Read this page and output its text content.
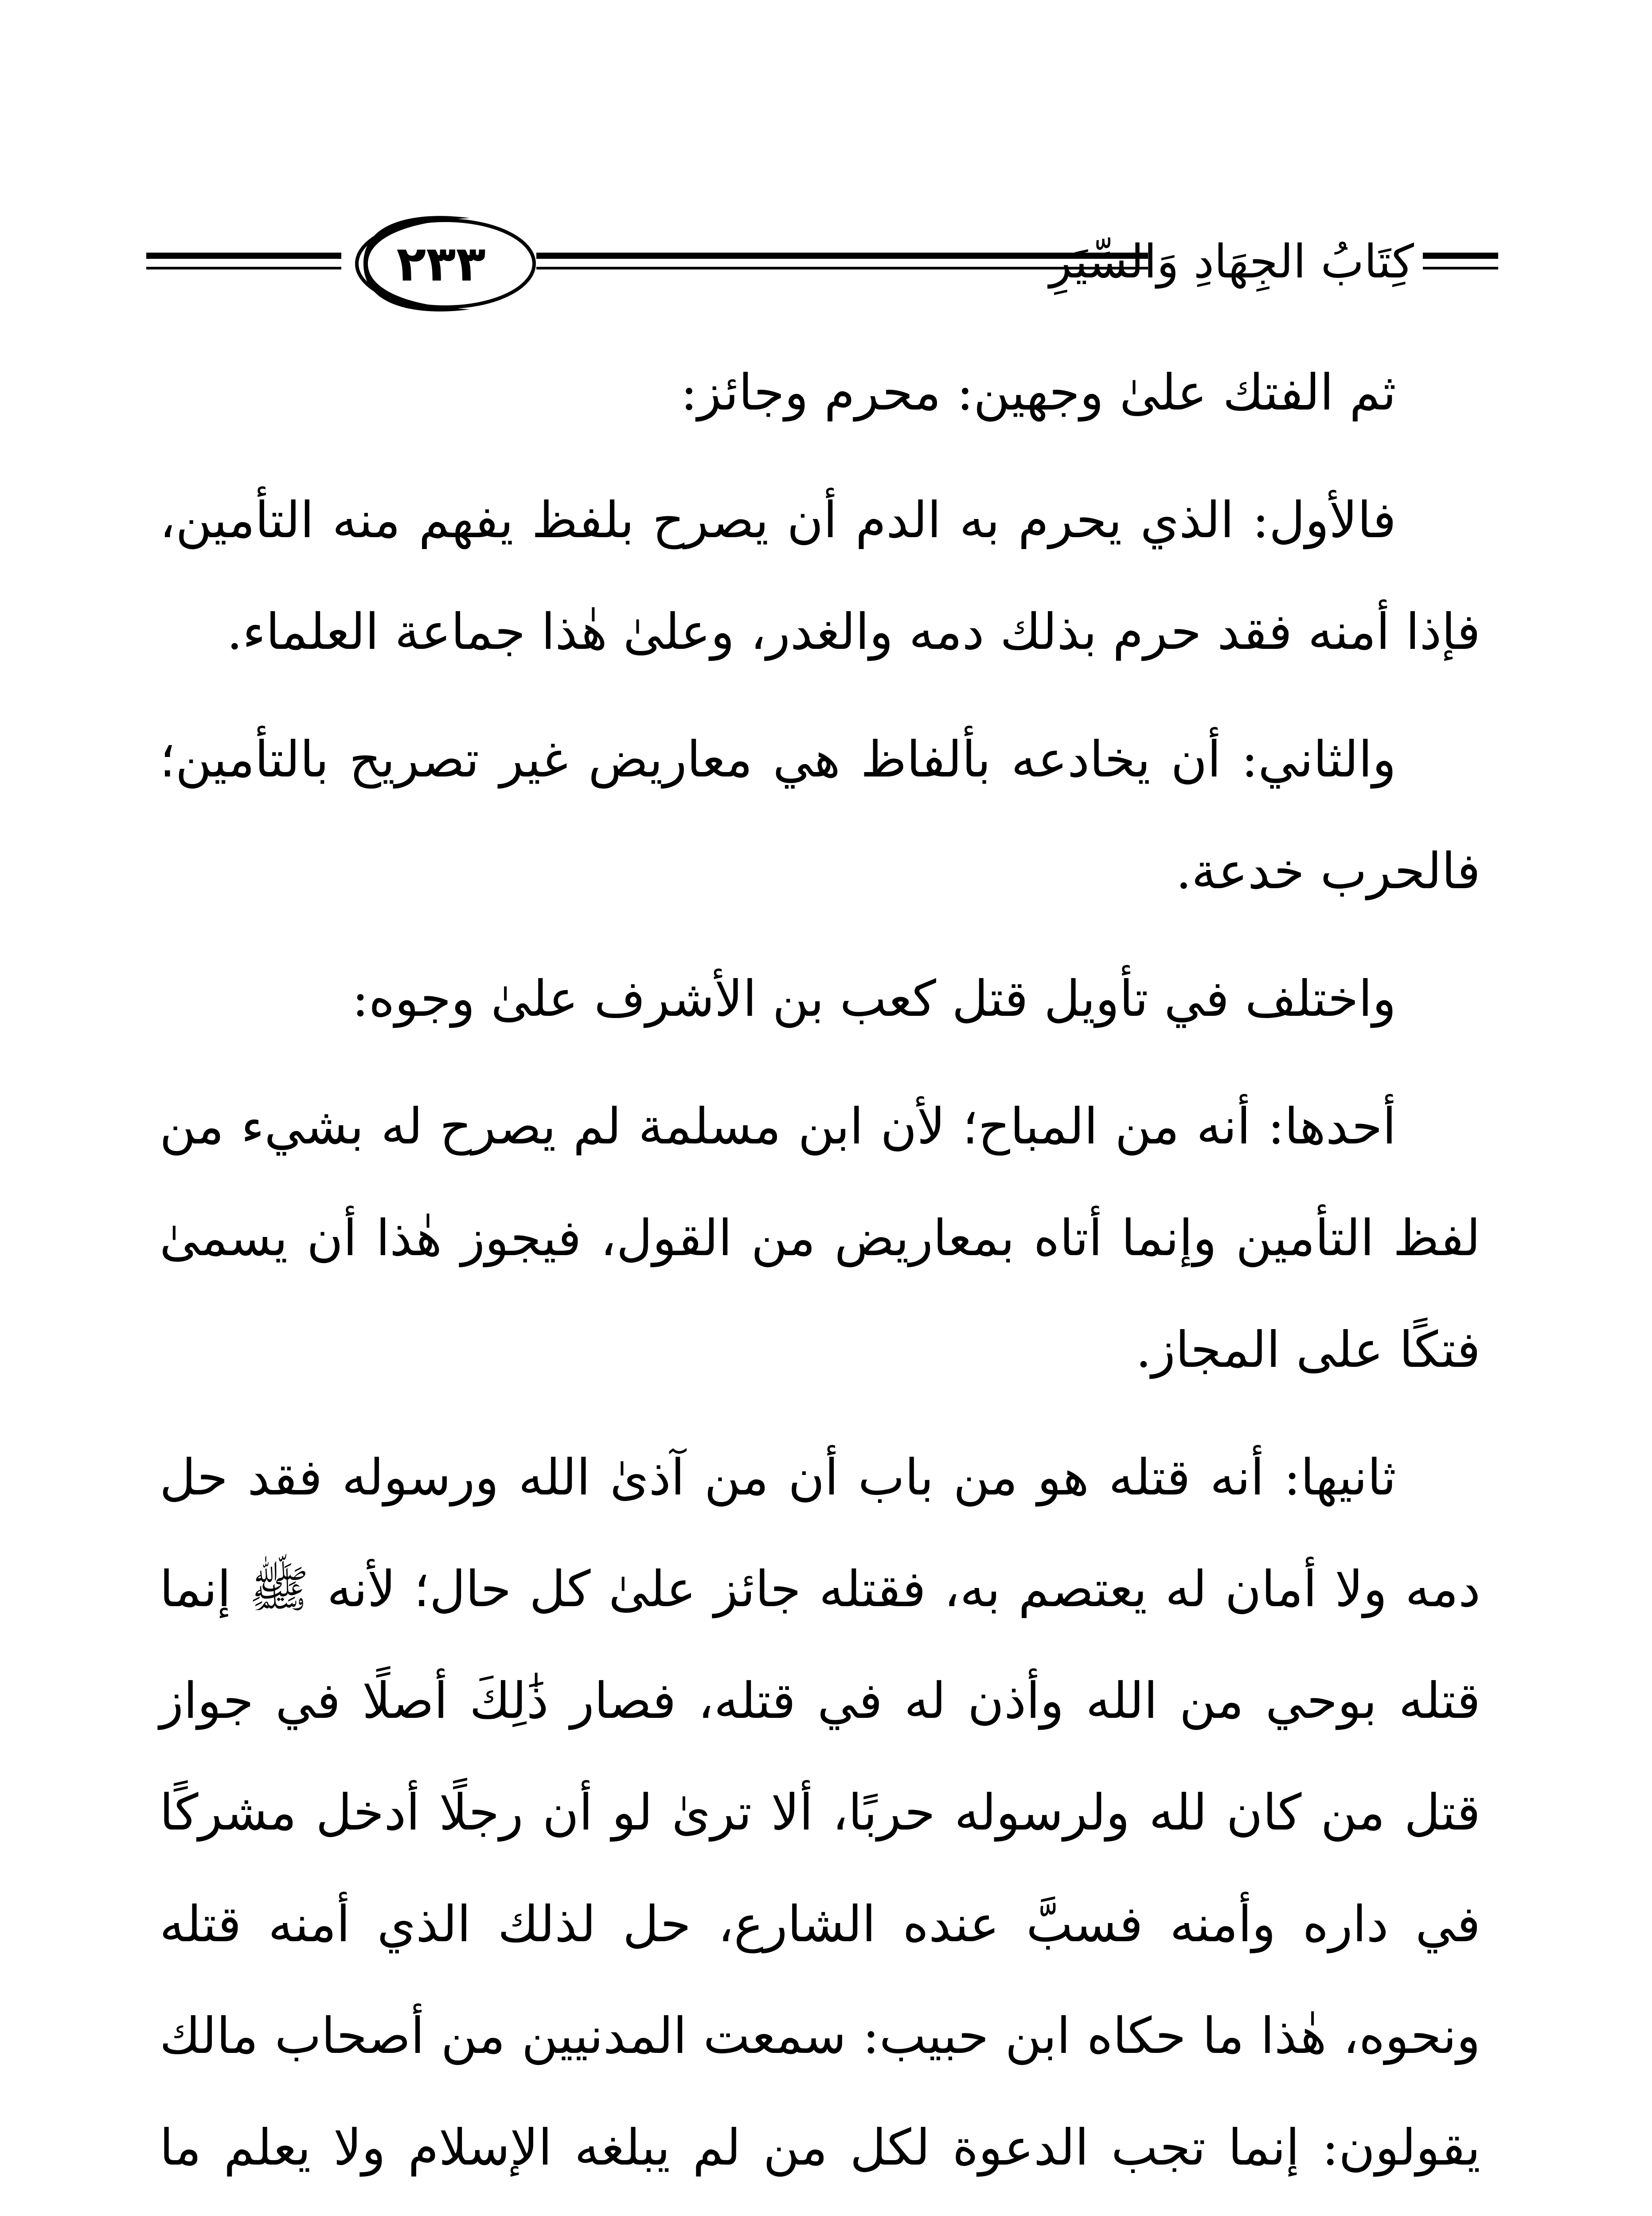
٢٣٣	كِتَابُ الجِهَادِ وَالسِّيَرِ

ثم الفتك علىٰ وجهين: محرم وجائز:

فالأول: الذي يحرم به الدم أن يصرح بلفظ يفهم منه التأمين، فإذا أمنه فقد حرم بذلك دمه والغدر، وعلىٰ هٰذا جماعة العلماء.

والثاني: أن يخادعه بألفاظ هي معاريض غير تصريح بالتأمين؛ فالحرب خدعة.

واختلف في تأويل قتل كعب بن الأشرف علىٰ وجوه:

أحدها: أنه من المباح؛ لأن ابن مسلمة لم يصرح له بشيء من لفظ التأمين وإنما أتاه بمعاريض من القول، فيجوز هٰذا أن يسمىٰ فتكًا على المجاز.

ثانيها: أنه قتله هو من باب أن من آذىٰ الله ورسوله فقد حل دمه ولا أمان له يعتصم به، فقتله جائز علىٰ كل حال؛ لأنه ﷺ إنما قتله بوحي من الله وأذن له في قتله، فصار ذَٰلِكَ أصلًا في جواز قتل من كان لله ولرسوله حربًا، ألا ترىٰ لو أن رجلًا أدخل مشركًا في داره وأمنه فسبَّ عنده الشارع، حل لذلك الذي أمنه قتله ونحوه، هٰذا ما حكاه ابن حبيب: سمعت المدنيين من أصحاب مالك يقولون: إنما تجب الدعوة لكل من لم يبلغه الإسلام ولا يعلم ما
